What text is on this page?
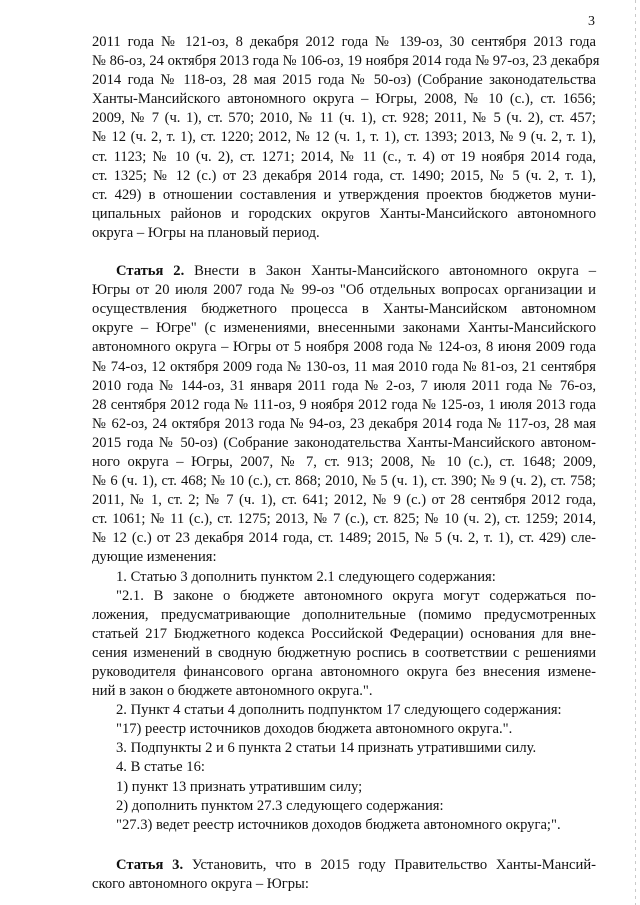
3
2011 года № 121-оз, 8 декабря 2012 года № 139-оз, 30 сентября 2013 года
№ 86-оз, 24 октября 2013 года № 106-оз, 19 ноября 2014 года № 97-оз, 23 декабря
2014 года № 118-оз, 28 мая 2015 года № 50-оз) (Собрание законодательства
Ханты-Мансийского автономного округа – Югры, 2008, № 10 (с.), ст. 1656;
2009, № 7 (ч. 1), ст. 570; 2010, № 11 (ч. 1), ст. 928; 2011, № 5 (ч. 2), ст. 457;
№ 12 (ч. 2, т. 1), ст. 1220; 2012, № 12 (ч. 1, т. 1), ст. 1393; 2013, № 9 (ч. 2, т. 1),
ст. 1123; № 10 (ч. 2), ст. 1271; 2014, № 11 (с., т. 4) от 19 ноября 2014 года,
ст. 1325; № 12 (с.) от 23 декабря 2014 года, ст. 1490; 2015, № 5 (ч. 2, т. 1),
ст. 429) в отношении составления и утверждения проектов бюджетов муни-
ципальных районов и городских округов Ханты-Мансийского автономного
округа – Югры на плановый период.
Статья 2. Внести в Закон Ханты-Мансийского автономного округа –
Югры от 20 июля 2007 года № 99-оз "Об отдельных вопросах организации и
осуществления бюджетного процесса в Ханты-Мансийском автономном
округе – Югре" (с изменениями, внесенными законами Ханты-Мансийского
автономного округа – Югры от 5 ноября 2008 года № 124-оз, 8 июня 2009 года
№ 74-оз, 12 октября 2009 года № 130-оз, 11 мая 2010 года № 81-оз, 21 сентября
2010 года № 144-оз, 31 января 2011 года № 2-оз, 7 июля 2011 года № 76-оз,
28 сентября 2012 года № 111-оз, 9 ноября 2012 года № 125-оз, 1 июля 2013 года
№ 62-оз, 24 октября 2013 года № 94-оз, 23 декабря 2014 года № 117-оз, 28 мая
2015 года № 50-оз) (Собрание законодательства Ханты-Мансийского автоном-
ного округа – Югры, 2007, № 7, ст. 913; 2008, № 10 (с.), ст. 1648; 2009,
№ 6 (ч. 1), ст. 468; № 10 (с.), ст. 868; 2010, № 5 (ч. 1), ст. 390; № 9 (ч. 2), ст. 758;
2011, № 1, ст. 2; № 7 (ч. 1), ст. 641; 2012, № 9 (с.) от 28 сентября 2012 года,
ст. 1061; № 11 (с.), ст. 1275; 2013, № 7 (с.), ст. 825; № 10 (ч. 2), ст. 1259; 2014,
№ 12 (с.) от 23 декабря 2014 года, ст. 1489; 2015, № 5 (ч. 2, т. 1), ст. 429) сле-
дующие изменения:
1. Статью 3 дополнить пунктом 2.1 следующего содержания:
"2.1. В законе о бюджете автономного округа могут содержаться по-
ложения, предусматривающие дополнительные (помимо предусмотренных
статьей 217 Бюджетного кодекса Российской Федерации) основания для вне-
сения изменений в сводную бюджетную роспись в соответствии с решениями
руководителя финансового органа автономного округа без внесения измене-
ний в закон о бюджете автономного округа.".
2. Пункт 4 статьи 4 дополнить подпунктом 17 следующего содержания:
"17) реестр источников доходов бюджета автономного округа.".
3. Подпункты 2 и 6 пункта 2 статьи 14 признать утратившими силу.
4. В статье 16:
1) пункт 13 признать утратившим силу;
2) дополнить пунктом 27.3 следующего содержания:
"27.3) ведет реестр источников доходов бюджета автономного округа;".
Статья 3. Установить, что в 2015 году Правительство Ханты-Мансий-
ского автономного округа – Югры:
